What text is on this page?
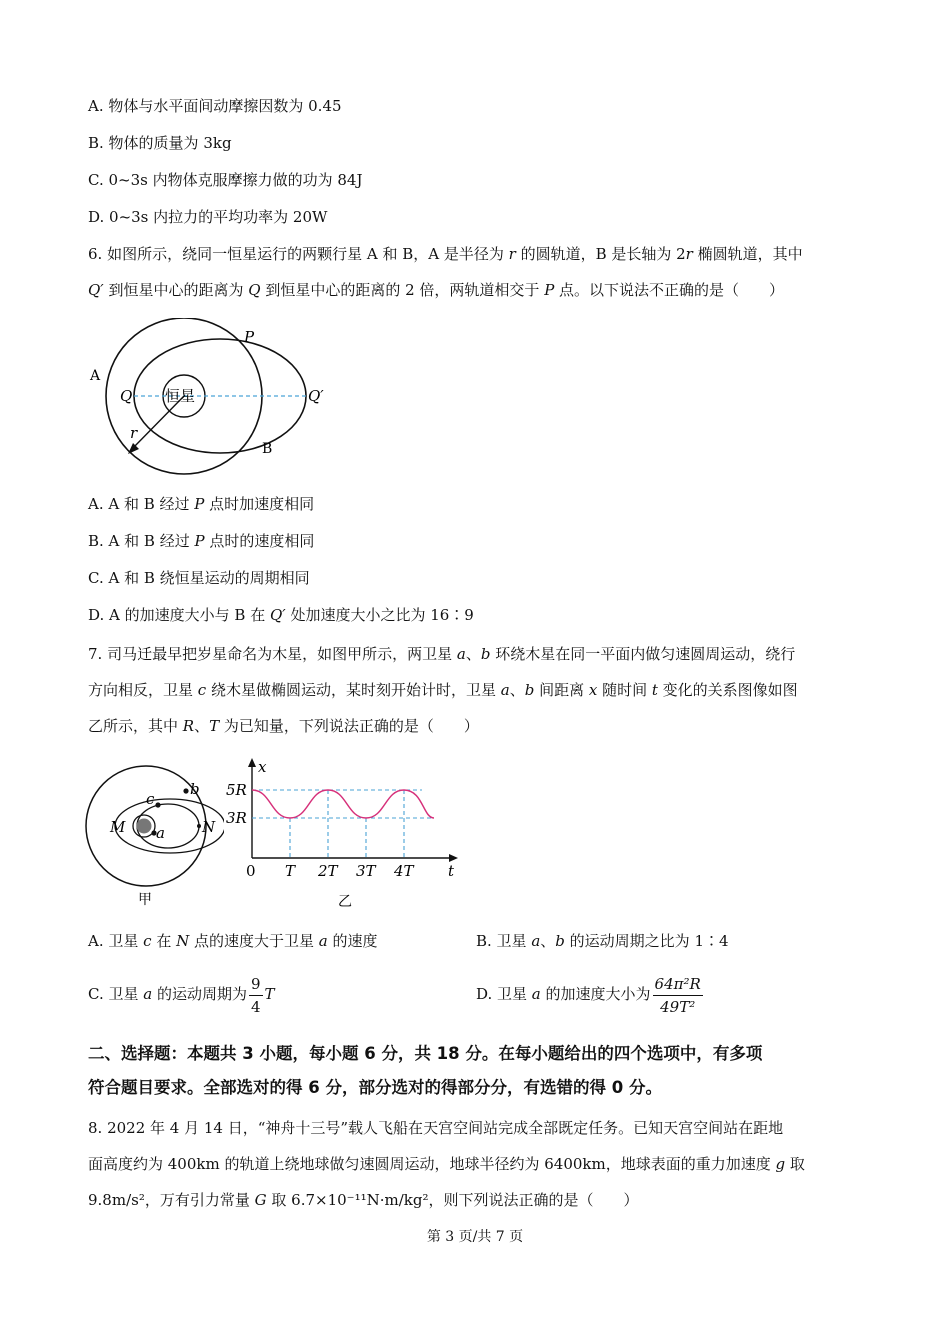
A. 物体与水平面间动摩擦因数为 0.45
B. 物体的质量为 3kg
C. 0~3s 内物体克服摩擦力做的功为 84J
D. 0~3s 内拉力的平均功率为 20W
6. 如图所示，绕同一恒星运行的两颗行星 A 和 B，A 是半径为 r 的圆轨道，B 是长轴为 2r 椭圆轨道，其中
Q′ 到恒星中心的距离为 Q 到恒星中心的距离的 2 倍，两轨道相交于 P 点。以下说法不正确的是（　　）
A
B
P
Q	Q′
r
恒星
A. A 和 B 经过 P 点时加速度相同
B. A 和 B 经过 P 点时的速度相同
C. A 和 B 绕恒星运动的周期相同
D. A 的加速度大小与 B 在 Q′ 处加速度大小之比为 16∶9
7. 司马迁最早把岁星命名为木星，如图甲所示，两卫星 a、b 环绕木星在同一平面内做匀速圆周运动，绕行
方向相反，卫星 c 绕木星做椭圆运动，某时刻开始计时，卫星 a、b 间距离 x 随时间 t 变化的关系图像如图
乙所示，其中 R、T 为已知量，下列说法正确的是（　　）
b
c
M a N
甲
x
t
0
5R
3R
T 2T 3T 4T
乙
A. 卫星 c 在 N 点的速度大于卫星 a 的速度	B. 卫星 a、b 的运动周期之比为 1∶4
C. 卫星 a 的运动周期为 $\frac{9}{4}$ T	D. 卫星 a 的加速度大小为 $\frac{\text{64π²R}}{\text{49T²}}$
二、选择题：本题共 3 小题，每小题 6 分，共 18 分。在每小题给出的四个选项中，有多项
符合题目要求。全部选对的得 6 分，部分选对的得部分分，有选错的得 0 分。
8. 2022 年 4 月 14 日，“神舟十三号”载人飞船在天宫空间站完成全部既定任务。已知天宫空间站在距地
面高度约为 400km 的轨道上绕地球做匀速圆周运动，地球半径约为 6400km，地球表面的重力加速度 g 取
9.8m/s²，万有引力常量 G 取 6.7×10⁻¹¹N·m/kg²，则下列说法正确的是（　　）
第 3 页/共 7 页
